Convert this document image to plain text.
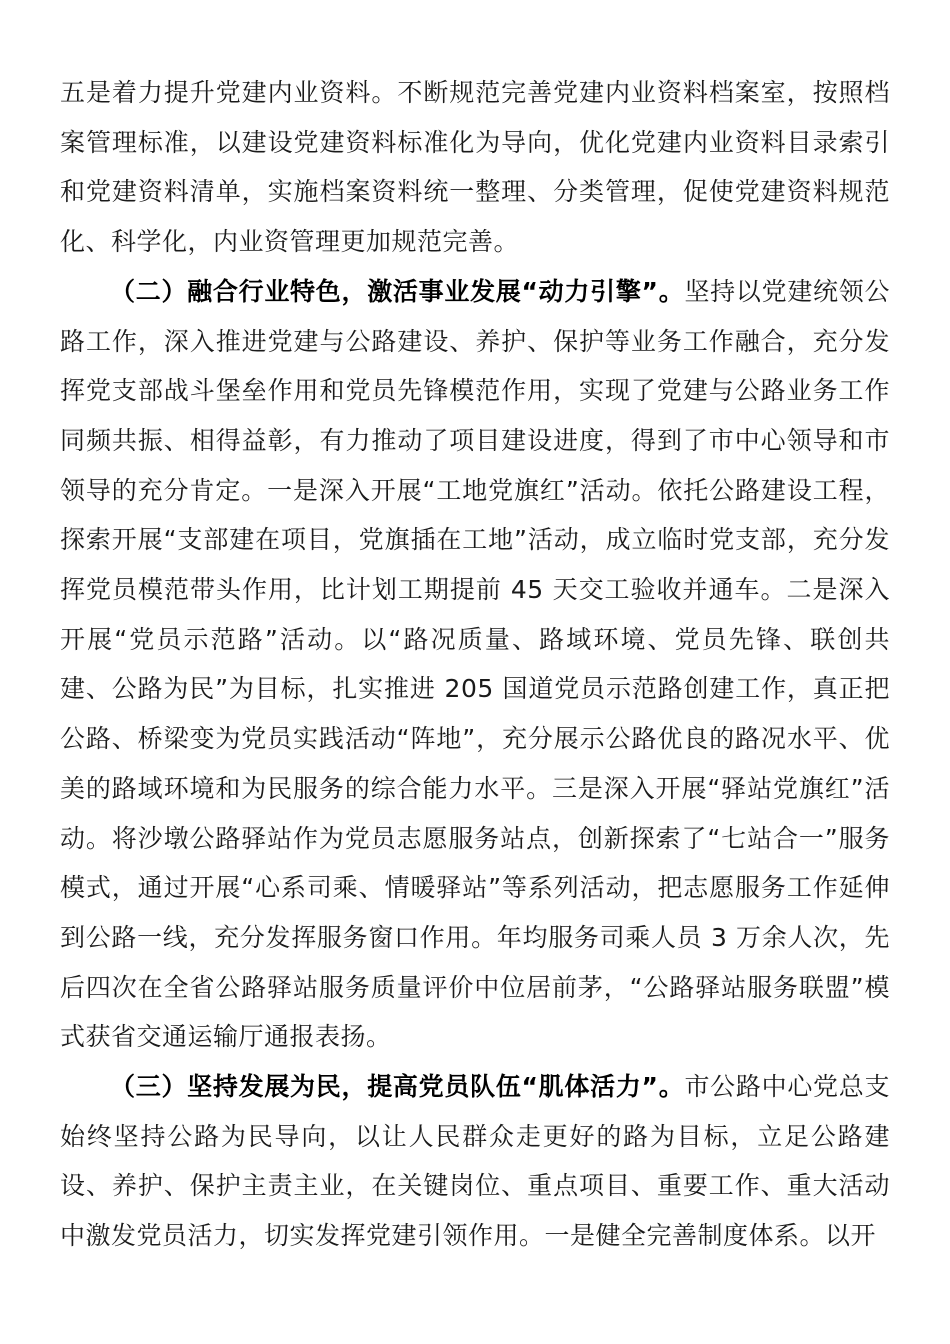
五是着力提升党建内业资料。不断规范完善党建内业资料档案室，按照档案管理标准，以建设党建资料标准化为导向，优化党建内业资料目录索引和党建资料清单，实施档案资料统一整理、分类管理，促使党建资料规范化、科学化，内业资管理更加规范完善。

（二）融合行业特色，激活事业发展“动力引擎”。坚持以党建统领公路工作，深入推进党建与公路建设、养护、保护等业务工作融合，充分发挥党支部战斗堡垒作用和党员先锋模范作用，实现了党建与公路业务工作同频共振、相得益彰，有力推动了项目建设进度，得到了市中心领导和市领导的充分肯定。一是深入开展“工地党旗红”活动。依托公路建设工程，探索开展“支部建在项目，党旗插在工地”活动，成立临时党支部，充分发挥党员模范带头作用，比计划工期提前 45 天交工验收并通车。二是深入开展“党员示范路”活动。以“路况质量、路域环境、党员先锋、联创共建、公路为民”为目标，扎实推进 205 国道党员示范路创建工作，真正把公路、桥梁变为党员实践活动“阵地”，充分展示公路优良的路况水平、优美的路域环境和为民服务的综合能力水平。三是深入开展“驿站党旗红”活动。将沙墩公路驿站作为党员志愿服务站点，创新探索了“七站合一”服务模式，通过开展“心系司乘、情暖驿站”等系列活动，把志愿服务工作延伸到公路一线，充分发挥服务窗口作用。年均服务司乘人员 3 万余人次，先后四次在全省公路驿站服务质量评价中位居前茅，“公路驿站服务联盟”模式获省交通运输厅通报表扬。

（三）坚持发展为民，提高党员队伍“肌体活力”。市公路中心党总支始终坚持公路为民导向，以让人民群众走更好的路为目标，立足公路建设、养护、保护主责主业，在关键岗位、重点项目、重要工作、重大活动中激发党员活力，切实发挥党建引领作用。一是健全完善制度体系。以开
